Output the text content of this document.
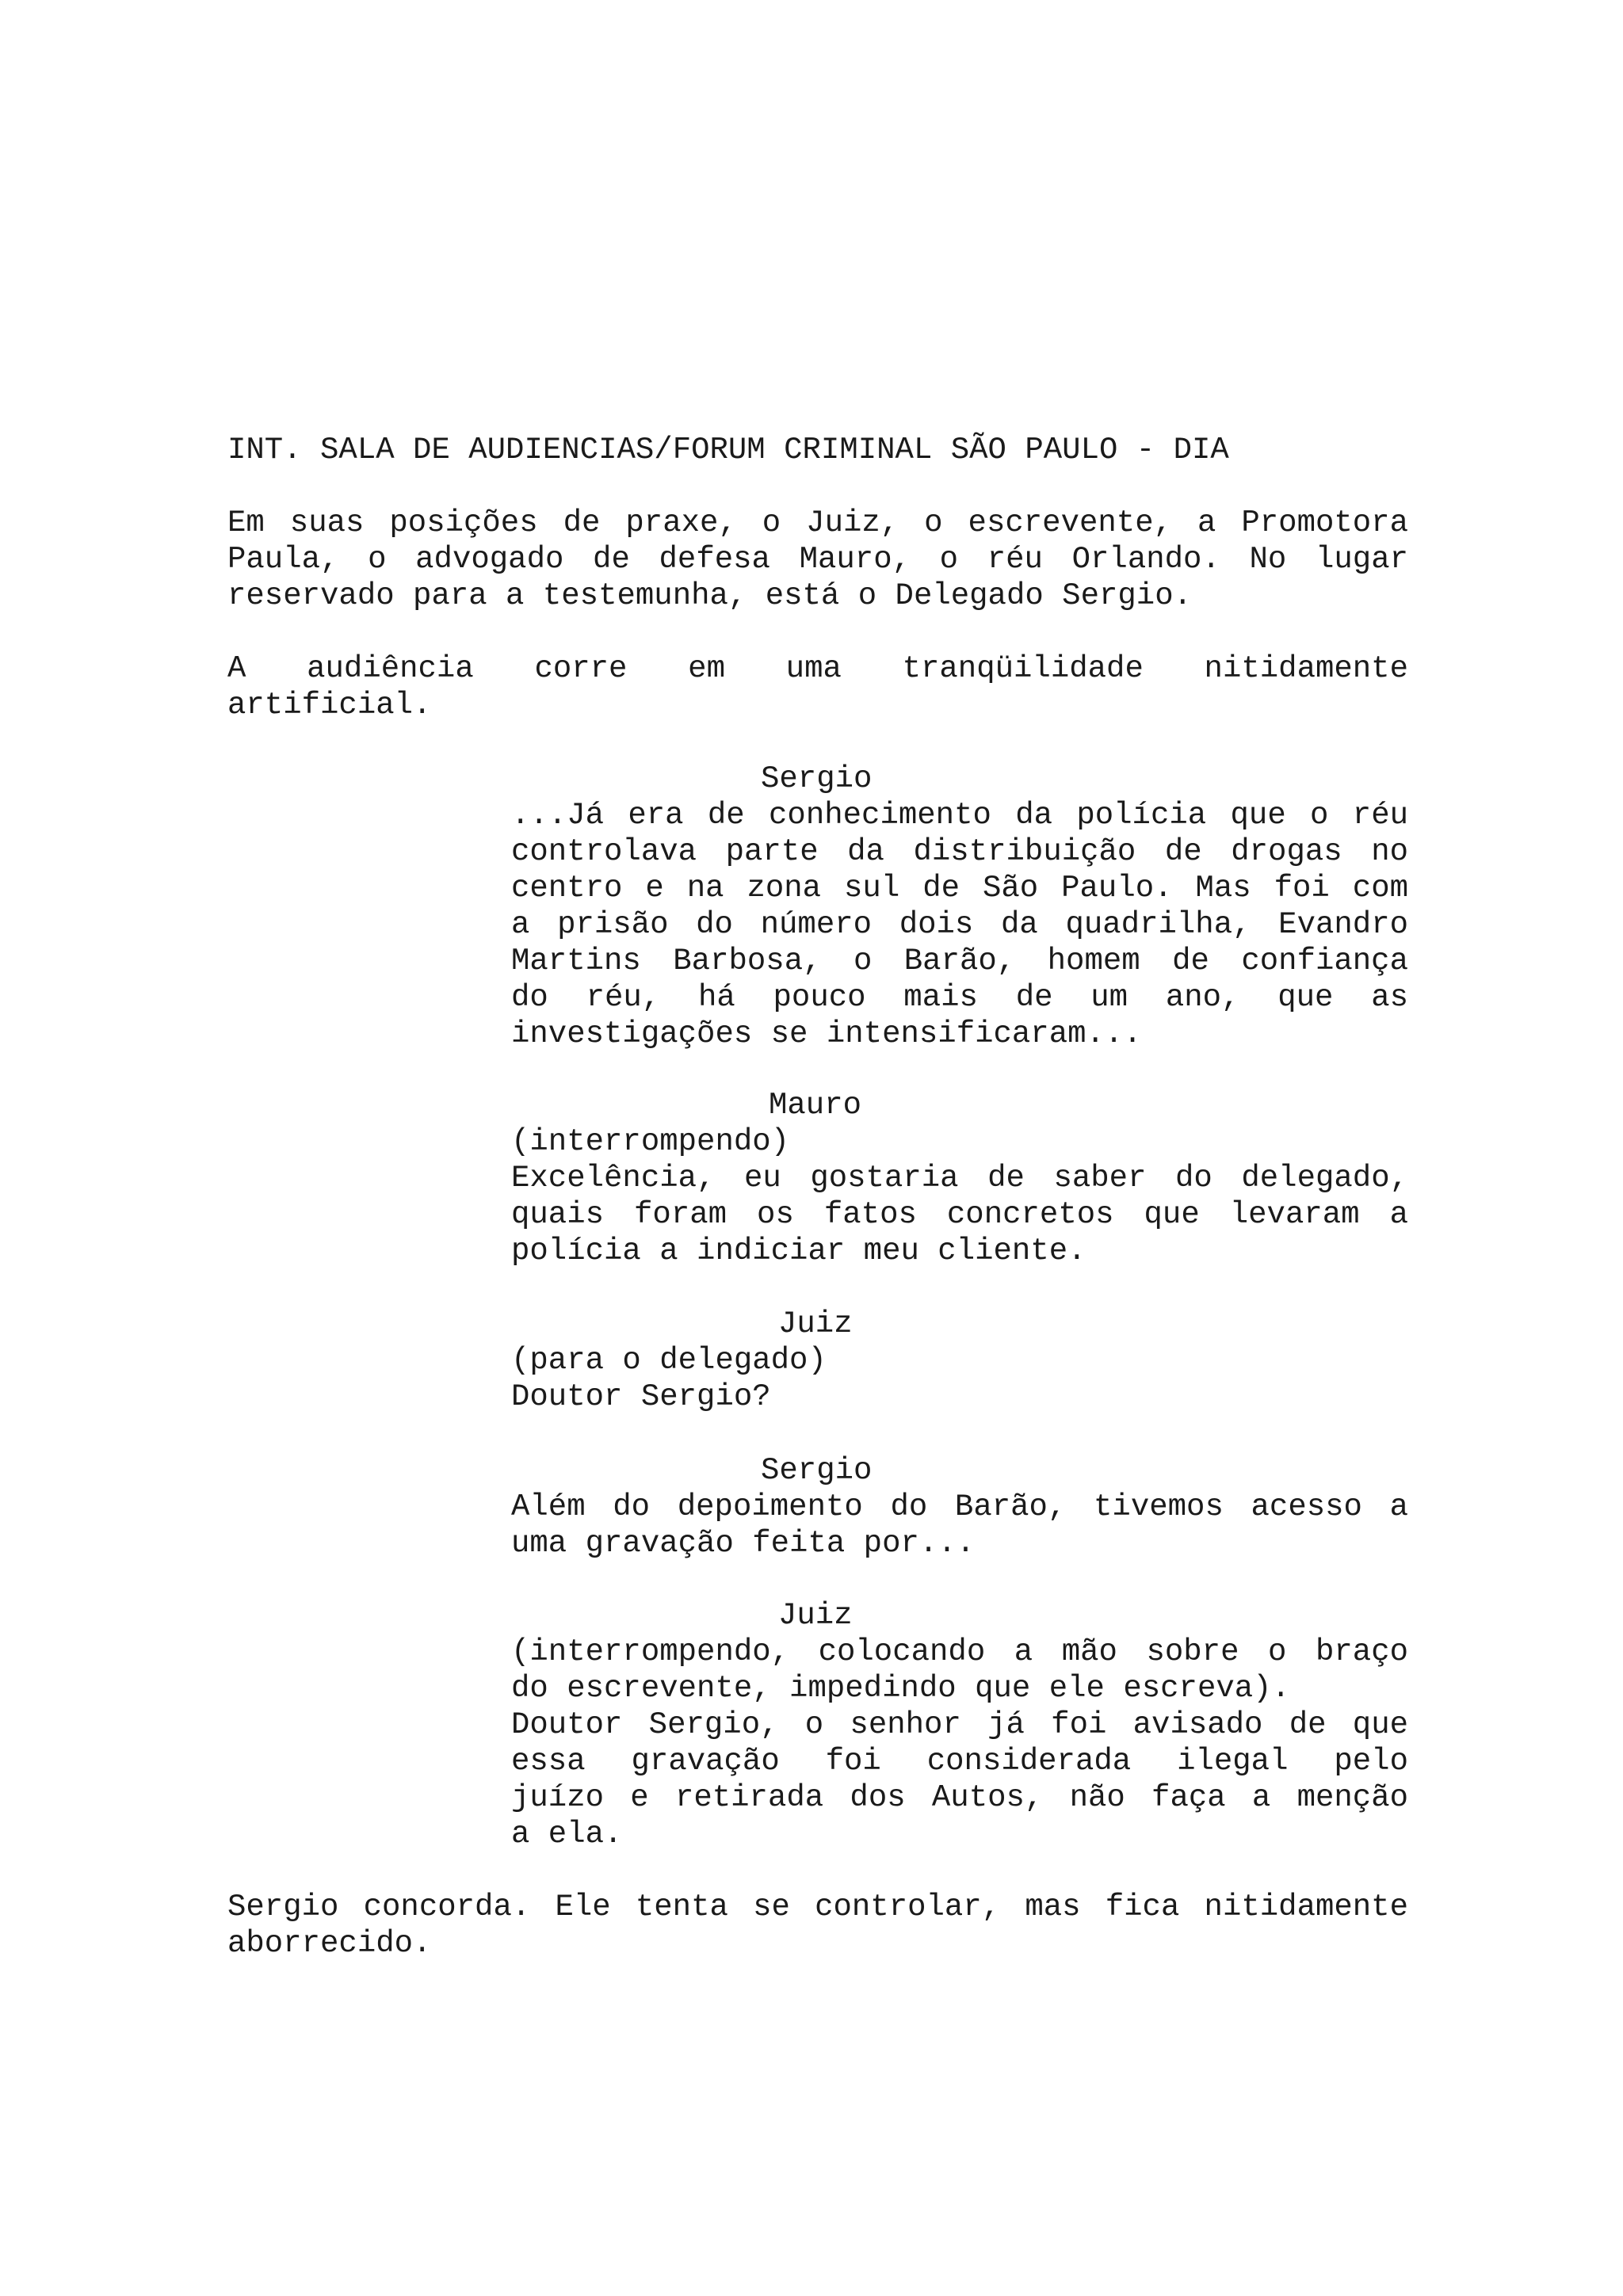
INT. SALA DE AUDIENCIAS/FORUM CRIMINAL SÃO PAULO - DIA
Em suas posições de praxe, o Juiz, o escrevente, a Promotora
Paula, o advogado de defesa Mauro, o réu Orlando. No lugar
reservado para a testemunha, está o Delegado Sergio.
A audiência corre em uma tranqüilidade nitidamente
artificial.
Sergio
...Já era de conhecimento da polícia que o réu
controlava parte da distribuição de drogas no
centro e na zona sul de São Paulo. Mas foi com
a prisão do número dois da quadrilha, Evandro
Martins Barbosa, o Barão, homem de confiança
do réu, há pouco mais de um ano, que as
investigações se intensificaram...
Mauro
(interrompendo)
Excelência, eu gostaria de saber do delegado,
quais foram os fatos concretos que levaram a
polícia a indiciar meu cliente.
Juiz
(para o delegado)
Doutor Sergio?
Sergio
Além do depoimento do Barão, tivemos acesso a
uma gravação feita por...
Juiz
(interrompendo, colocando a mão sobre o braço
do escrevente, impedindo que ele escreva).
Doutor Sergio, o senhor já foi avisado de que
essa gravação foi considerada ilegal pelo
juízo e retirada dos Autos, não faça a menção
a ela.
Sergio concorda. Ele tenta se controlar, mas fica nitidamente
aborrecido.
